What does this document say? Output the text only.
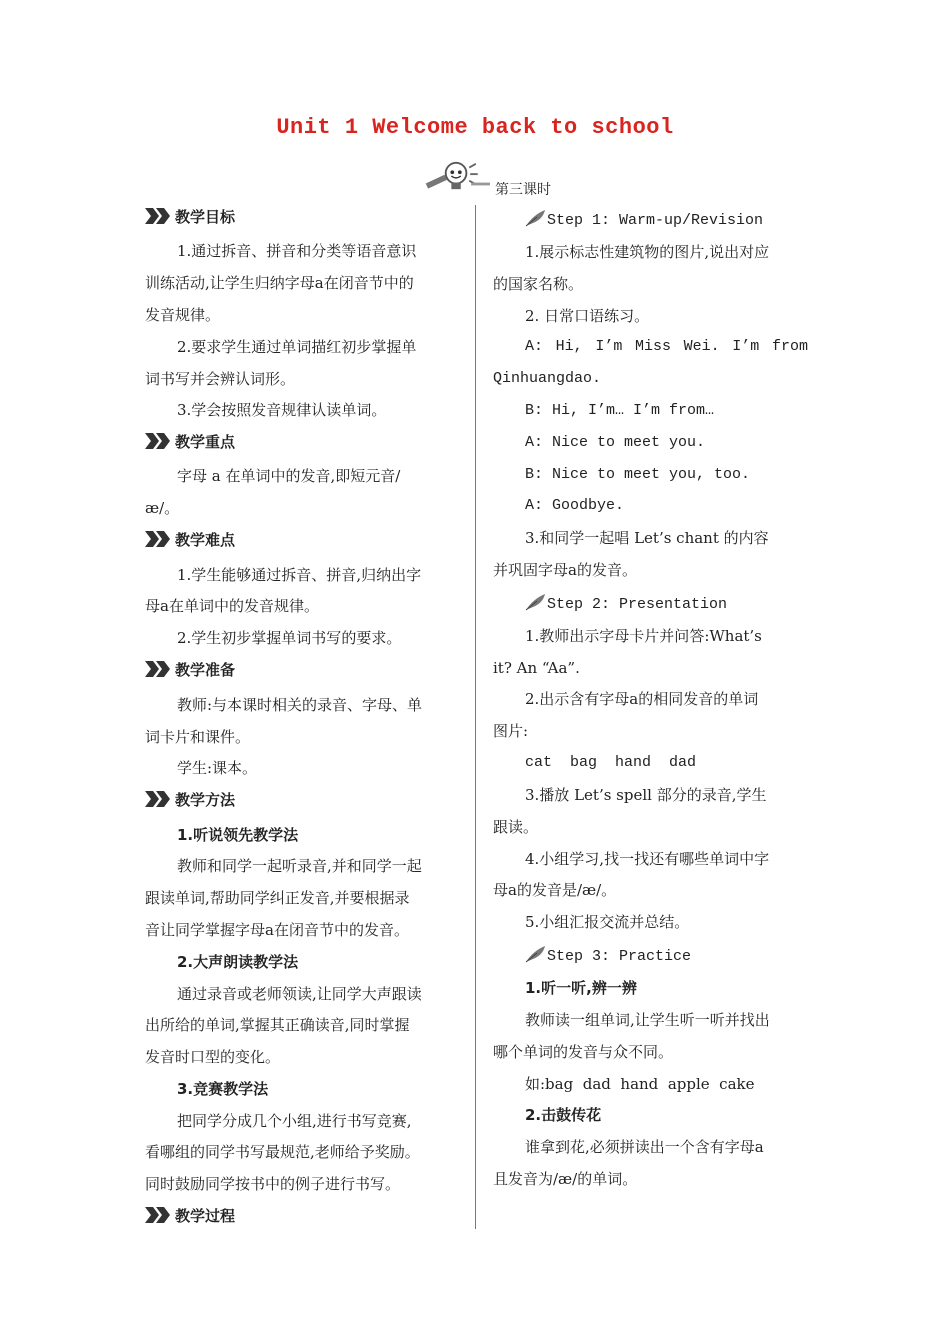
Unit 1 Welcome back to school
第三课时
教学目标
1.通过拆音、拼音和分类等语音意识
训练活动,让学生归纳字母a在闭音节中的
发音规律。
2.要求学生通过单词描红初步掌握单
词书写并会辨认词形。
3.学会按照发音规律认读单词。
教学重点
字母 a 在单词中的发音,即短元音/
æ/。
教学难点
1.学生能够通过拆音、拼音,归纳出字
母a在单词中的发音规律。
2.学生初步掌握单词书写的要求。
教学准备
教师:与本课时相关的录音、字母、单
词卡片和课件。
学生:课本。
教学方法
1.听说领先教学法
教师和同学一起听录音,并和同学一起
跟读单词,帮助同学纠正发音,并要根据录
音让同学掌握字母a在闭音节中的发音。
2.大声朗读教学法
通过录音或老师领读,让同学大声跟读
出所给的单词,掌握其正确读音,同时掌握
发音时口型的变化。
3.竞赛教学法
把同学分成几个小组,进行书写竞赛,
看哪组的同学书写最规范,老师给予奖励。
同时鼓励同学按书中的例子进行书写。
教学过程
Step 1: Warm-up/Revision
1.展示标志性建筑物的图片,说出对应
的国家名称。
2. 日常口语练习。
A: Hi, I’m Miss Wei. I’m from
Qinhuangdao.
B: Hi, I’m… I’m from…
A: Nice to meet you.
B: Nice to meet you, too.
A: Goodbye.
3.和同学一起唱 Let’s chant 的内容
并巩固字母a的发音。
Step 2: Presentation
1.教师出示字母卡片并问答:What’s
it? An “Aa”.
2.出示含有字母a的相同发音的单词
图片:
cat  bag  hand  dad
3.播放 Let’s spell 部分的录音,学生
跟读。
4.小组学习,找一找还有哪些单词中字
母a的发音是/æ/。
5.小组汇报交流并总结。
Step 3: Practice
1.听一听,辨一辨
教师读一组单词,让学生听一听并找出
哪个单词的发音与众不同。
如:bag  dad  hand  apple  cake
2.击鼓传花
谁拿到花,必须拼读出一个含有字母a
且发音为/æ/的单词。
